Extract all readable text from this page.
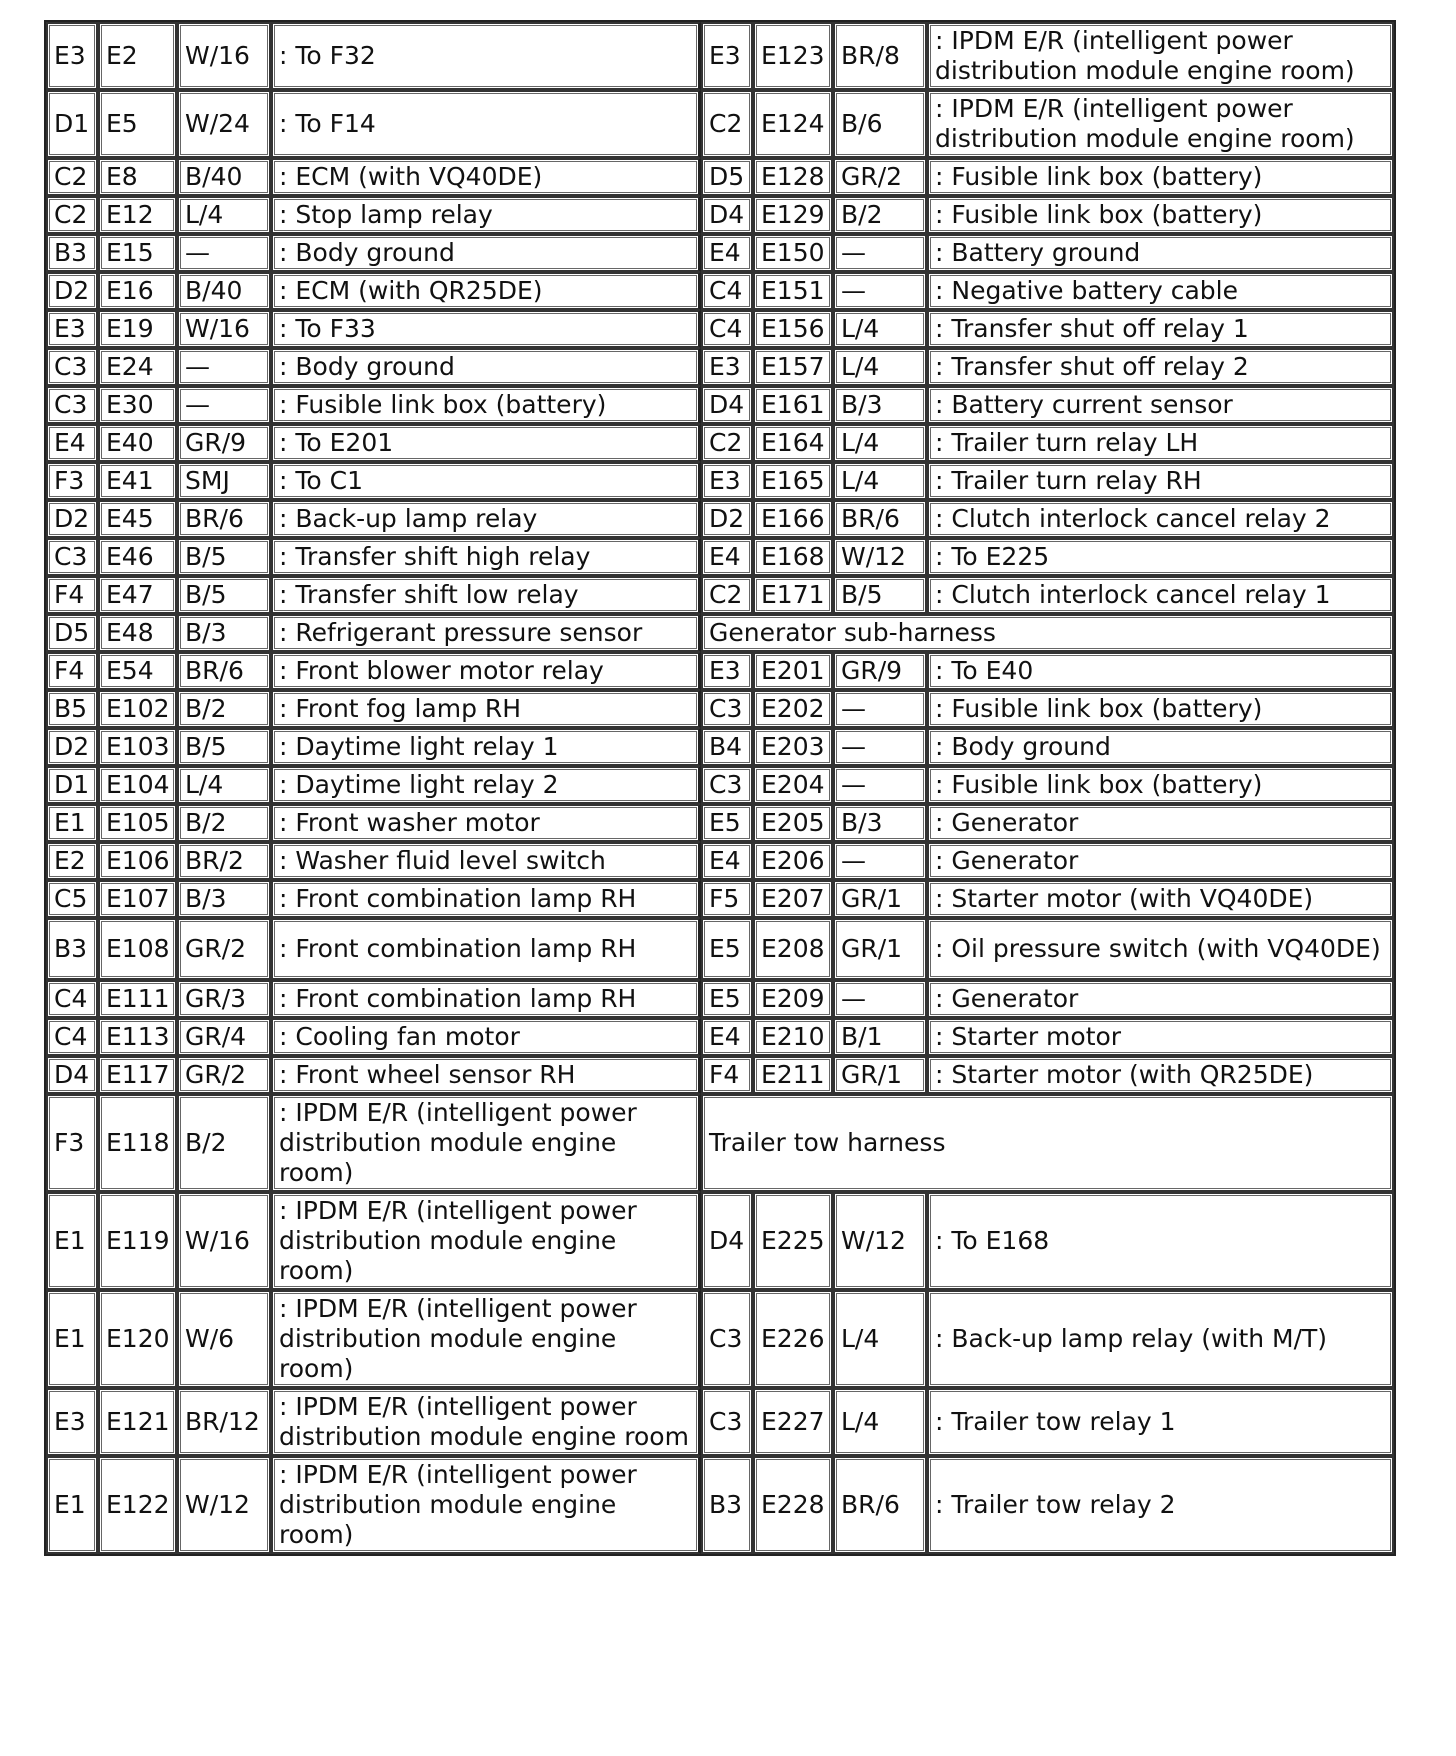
E3	E2	W/16	: To F32	E3	E123	BR/8	: IPDM E/R (intelligent power distribution module engine room)
D1	E5	W/24	: To F14	C2	E124	B/6	: IPDM E/R (intelligent power distribution module engine room)
C2	E8	B/40	: ECM (with VQ40DE)	D5	E128	GR/2	: Fusible link box (battery)
C2	E12	L/4	: Stop lamp relay	D4	E129	B/2	: Fusible link box (battery)
B3	E15	—	: Body ground	E4	E150	—	: Battery ground
D2	E16	B/40	: ECM (with QR25DE)	C4	E151	—	: Negative battery cable
E3	E19	W/16	: To F33	C4	E156	L/4	: Transfer shut off relay 1
C3	E24	—	: Body ground	E3	E157	L/4	: Transfer shut off relay 2
C3	E30	—	: Fusible link box (battery)	D4	E161	B/3	: Battery current sensor
E4	E40	GR/9	: To E201	C2	E164	L/4	: Trailer turn relay LH
F3	E41	SMJ	: To C1	E3	E165	L/4	: Trailer turn relay RH
D2	E45	BR/6	: Back-up lamp relay	D2	E166	BR/6	: Clutch interlock cancel relay 2
C3	E46	B/5	: Transfer shift high relay	E4	E168	W/12	: To E225
F4	E47	B/5	: Transfer shift low relay	C2	E171	B/5	: Clutch interlock cancel relay 1
D5	E48	B/3	: Refrigerant pressure sensor	Generator sub-harness			
F4	E54	BR/6	: Front blower motor relay	E3	E201	GR/9	: To E40
B5	E102	B/2	: Front fog lamp RH	C3	E202	—	: Fusible link box (battery)
D2	E103	B/5	: Daytime light relay 1	B4	E203	—	: Body ground
D1	E104	L/4	: Daytime light relay 2	C3	E204	—	: Fusible link box (battery)
E1	E105	B/2	: Front washer motor	E5	E205	B/3	: Generator
E2	E106	BR/2	: Washer fluid level switch	E4	E206	—	: Generator
C5	E107	B/3	: Front combination lamp RH	F5	E207	GR/1	: Starter motor (with VQ40DE)
B3	E108	GR/2	: Front combination lamp RH	E5	E208	GR/1	: Oil pressure switch (with VQ40DE)
C4	E111	GR/3	: Front combination lamp RH	E5	E209	—	: Generator
C4	E113	GR/4	: Cooling fan motor	E4	E210	B/1	: Starter motor
D4	E117	GR/2	: Front wheel sensor RH	F4	E211	GR/1	: Starter motor (with QR25DE)
F3	E118	B/2	: IPDM E/R (intelligent power distribution module engine room)	Trailer tow harness			
E1	E119	W/16	: IPDM E/R (intelligent power distribution module engine room)	D4	E225	W/12	: To E168
E1	E120	W/6	: IPDM E/R (intelligent power distribution module engine room)	C3	E226	L/4	: Back-up lamp relay (with M/T)
E3	E121	BR/12	: IPDM E/R (intelligent power distribution module engine room	C3	E227	L/4	: Trailer tow relay 1
E1	E122	W/12	: IPDM E/R (intelligent power distribution module engine room)	B3	E228	BR/6	: Trailer tow relay 2
